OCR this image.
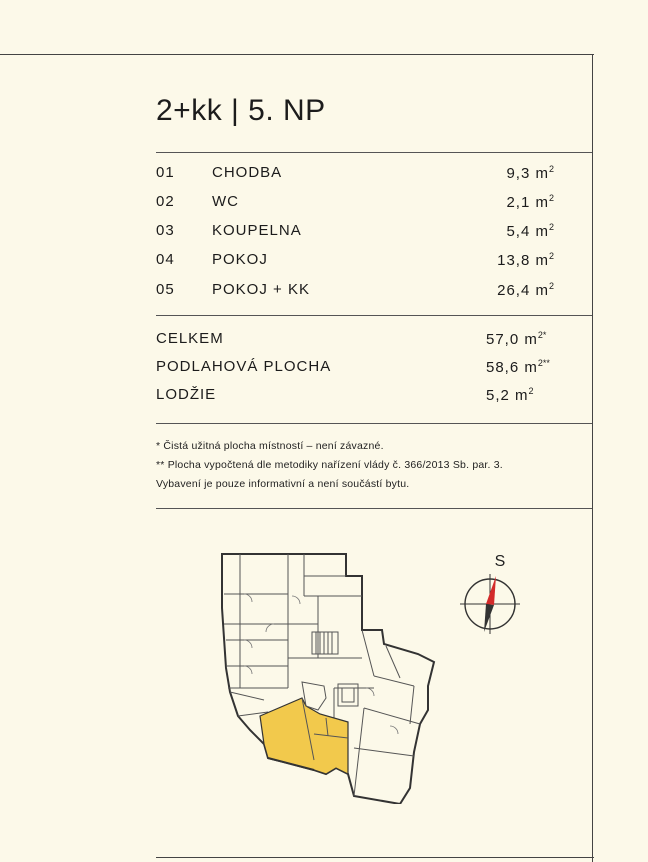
2+kk | 5. NP
01 CHODBA	9,3 $m^2$
02 WC	2,1 $m^2$
03 KOUPELNA	5,4 $m^2$
04 POKOJ	13,8 $m^2$
05 POKOJ + KK	26,4 $m^2$
CELKEM	57,0 $m^{2*}$
PODLAHOVÁ PLOCHA	58,6 $m^{2**}$
LODŽIE	5,2 $m^2$
* Čistá užitná plocha místností – není závazné.
** Plocha vypočtená dle metodiky nařízení vlády č. 366/2013 Sb. par. 3.
Vybavení je pouze informativní a není součástí bytu.
S
